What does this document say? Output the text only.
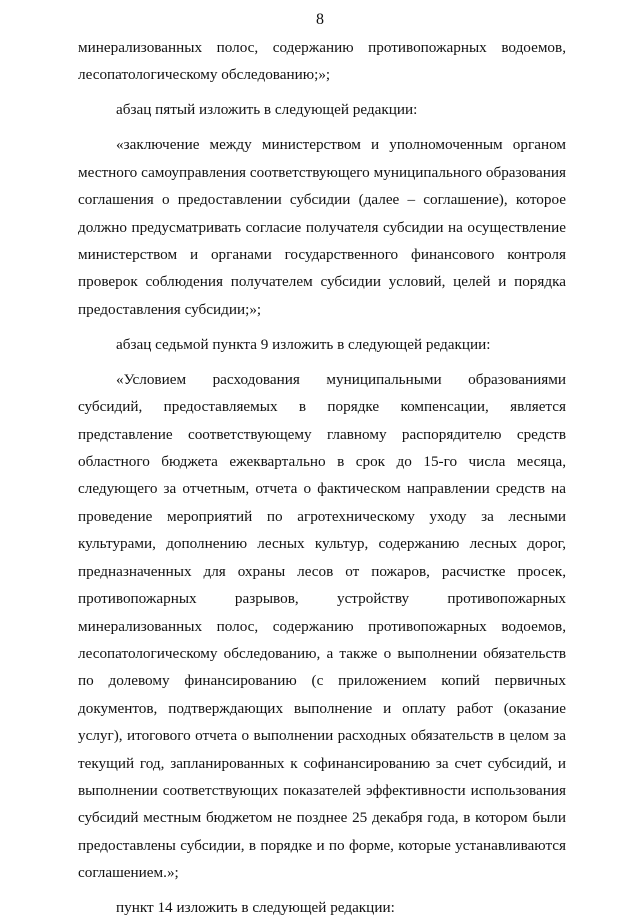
8

минерализованных полос, содержанию противопожарных водоемов, лесопатологическому обследованию;»;

абзац пятый изложить в следующей редакции:

«заключение между министерством и уполномоченным органом местного самоуправления соответствующего муниципального образования соглашения о предоставлении субсидии (далее – соглашение), которое должно предусматривать согласие получателя субсидии на осуществление министерством и органами государственного финансового контроля проверок соблюдения получателем субсидии условий, целей и порядка предоставления субсидии;»;

абзац седьмой пункта 9 изложить в следующей редакции:

«Условием расходования муниципальными образованиями субсидий, предоставляемых в порядке компенсации, является представление соответствующему главному распорядителю средств областного бюджета ежеквартально в срок до 15-го числа месяца, следующего за отчетным, отчета о фактическом направлении средств на проведение мероприятий по агротехническому уходу за лесными культурами, дополнению лесных культур, содержанию лесных дорог, предназначенных для охраны лесов от пожаров, расчистке просек, противопожарных разрывов, устройству противопожарных минерализованных полос, содержанию противопожарных водоемов, лесопатологическому обследованию, а также о выполнении обязательств по долевому финансированию (с приложением копий первичных документов, подтверждающих выполнение и оплату работ (оказание услуг), итогового отчета о выполнении расходных обязательств в целом за текущий год, запланированных к софинансированию за счет субсидий, и выполнении соответствующих показателей эффективности использования субсидий местным бюджетом не позднее 25 декабря года, в котором были предоставлены субсидии, в порядке и по форме, которые устанавливаются соглашением.»;

пункт 14 изложить в следующей редакции:
